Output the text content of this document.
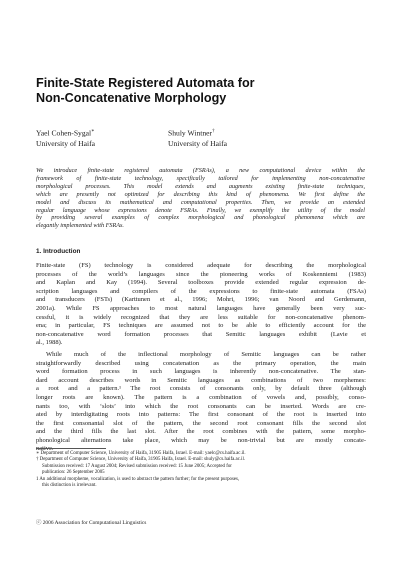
Finite-State Registered Automata for
Non-Concatenative Morphology
Yael Cohen-Sygal∗
University of Haifa
Shuly Wintner†
University of Haifa
We introduce finite-state registered automata (FSRAs), a new computational device within the
framework of finite-state technology, specifically tailored for implementing non-concatenative
morphological processes. This model extends and augments existing finite-state techniques,
which are presently not optimized for describing this kind of phenomena. We first define the
model and discuss its mathematical and computational properties. Then, we provide an extended
regular language whose expressions denote FSRAs. Finally, we exemplify the utility of the model
by providing several examples of complex morphological and phonological phenomena which are
elegantly implemented with FSRAs.
1. Introduction
Finite-state (FS) technology is considered adequate for describing the morphological
processes of the world’s languages since the pioneering works of Koskenniemi (1983)
and Kaplan and Kay (1994). Several toolboxes provide extended regular expression de-
scription languages and compilers of the expressions to finite-state automata (FSAs)
and transducers (FSTs) (Karttunen et al., 1996; Mohri, 1996; van Noord and Gerdemann,
2001a). While FS approaches to most natural languages have generally been very suc-
cessful, it is widely recognized that they are less suitable for non-concatenative phenom-
ena; in particular, FS techniques are assumed not to be able to efficiently account for the
non-concatenative word formation processes that Semitic languages exhibit (Lavie et
al., 1988).
While much of the inflectional morphology of Semitic languages can be rather
straightforwardly described using concatenation as the primary operation, the main
word formation process in such languages is inherently non-concatenative. The stan-
dard account describes words in Semitic languages as combinations of two morphemes:
a root and a pattern.¹ The root consists of consonants only, by default three (although
longer roots are known). The pattern is a combination of vowels and, possibly, conso-
nants too, with ‘slots’ into which the root consonants can be inserted. Words are cre-
ated by interdigitating roots into patterns: The first consonant of the root is inserted into
the first consonantal slot of the pattern, the second root consonant fills the second slot
and the third fills the last slot. After the root combines with the pattern, some morpho-
phonological alternations take place, which may be non-trivial but are mostly concate-
native.
∗ Department of Computer Science, University of Haifa, 31905 Haifa, Israel. E-mail: yaelc@cs.haifa.ac.il.
† Department of Computer Science, University of Haifa, 31905 Haifa, Israel. E-mail: shuly@cs.haifa.ac.il.
Submission received: 17 August 2004; Revised submission received: 15 June 2005; Accepted for
publication: 26 September 2005
1 An additional morpheme, vocalization, is used to abstract the pattern further; for the present purposes,
this distinction is irrelevant.
ⓒ 2006 Association for Computational Linguistics
